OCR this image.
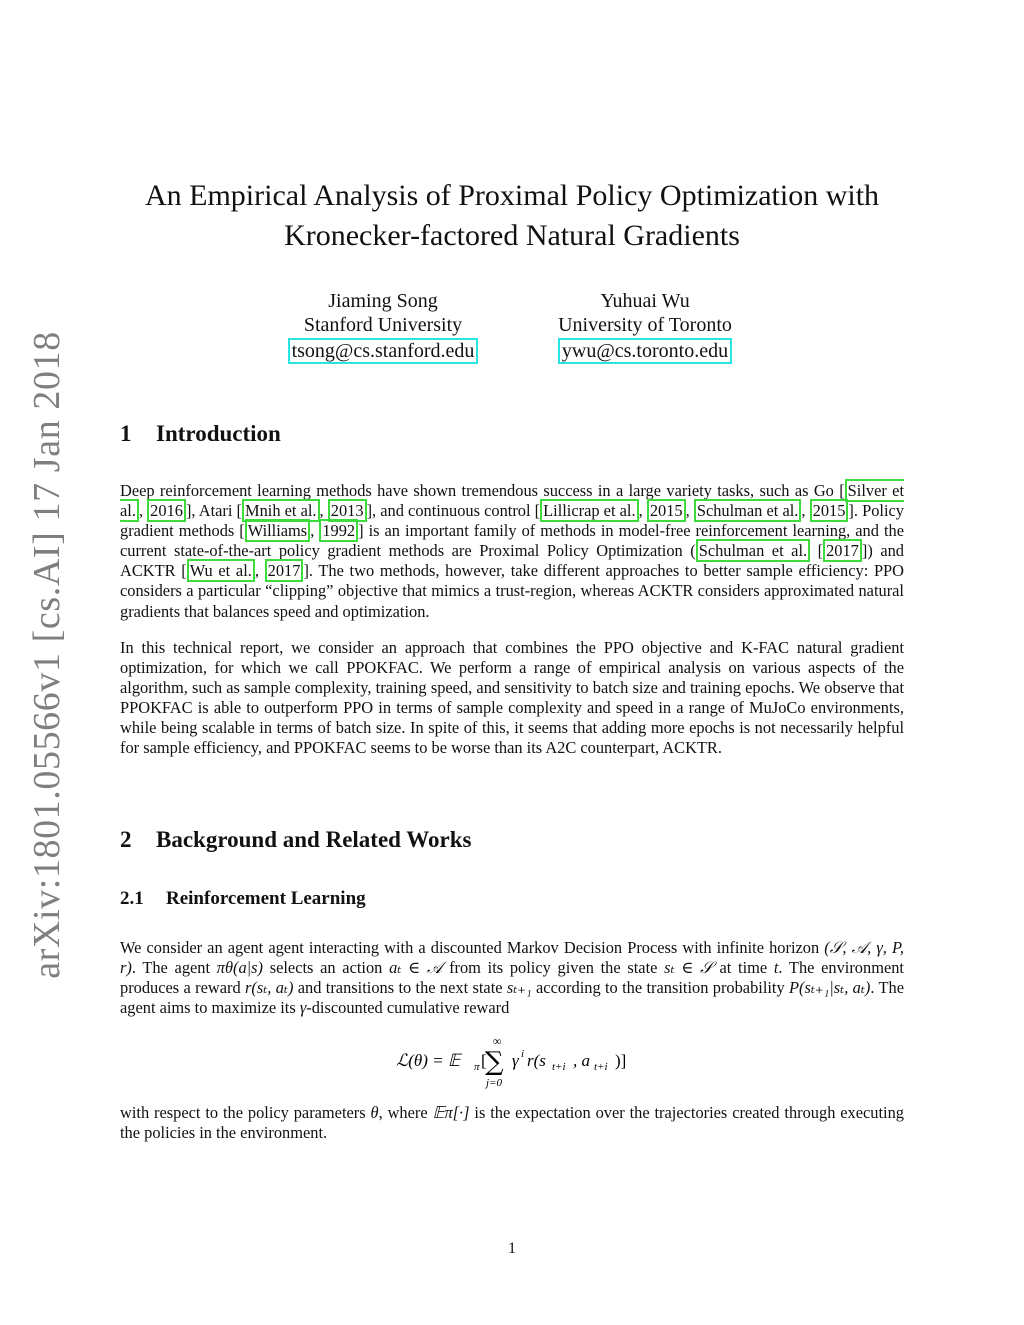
arXiv:1801.05566v1 [cs.AI] 17 Jan 2018
An Empirical Analysis of Proximal Policy Optimization with
Kronecker-factored Natural Gradients
Jiaming Song
Stanford University
tsong@cs.stanford.edu
Yuhuai Wu
University of Toronto
ywu@cs.toronto.edu
1 Introduction
Deep reinforcement learning methods have shown tremendous success in a large variety tasks, such as Go [ Silver et al. , 2016 ], Atari [ Mnih et al. , 2013 ], and continuous control [ Lillicrap et al. , 2015 , Schulman et al. , 2015 ]. Policy gradient methods [ Williams , 1992 ] is an important family of methods in model-free reinforcement learning, and the current state-of-the-art policy gradient methods are Proximal Policy Optimization ( Schulman et al. [ 2017 ]) and ACKTR [ Wu et al. , 2017 ]. The two methods, however, take different approaches to better sample efficiency: PPO considers a particular “clipping” objective that mimics a trust-region, whereas ACKTR considers approximated natural gradients that balances speed and optimization.
In this technical report, we consider an approach that combines the PPO objective and K-FAC natural gradient optimization, for which we call PPOKFAC. We perform a range of empirical analysis on various aspects of the algorithm, such as sample complexity, training speed, and sensitivity to batch size and training epochs. We observe that PPOKFAC is able to outperform PPO in terms of sample complexity and speed in a range of MuJoCo environments, while being scalable in terms of batch size. In spite of this, it seems that adding more epochs is not necessarily helpful for sample efficiency, and PPOKFAC seems to be worse than its A2C counterpart, ACKTR.
2 Background and Related Works
2.1 Reinforcement Learning
We consider an agent agent interacting with a discounted Markov Decision Process with infinite horizon (𝒮, 𝒜, γ, P, r). The agent πθ(a|s) selects an action aₜ ∈ 𝒜 from its policy given the state sₜ ∈ 𝒮 at time t. The environment produces a reward r(sₜ, aₜ) and transitions to the next state sₜ₊₁ according to the transition probability P(sₜ₊₁|sₜ, aₜ). The agent aims to maximize its γ-discounted cumulative reward
ℒ(θ) = 𝔼 π [
∞
∑
j=0
γ i r(s t+i , a t+i )]
with respect to the policy parameters θ, where 𝔼π[·] is the expectation over the trajectories created through executing the policies in the environment.
1
